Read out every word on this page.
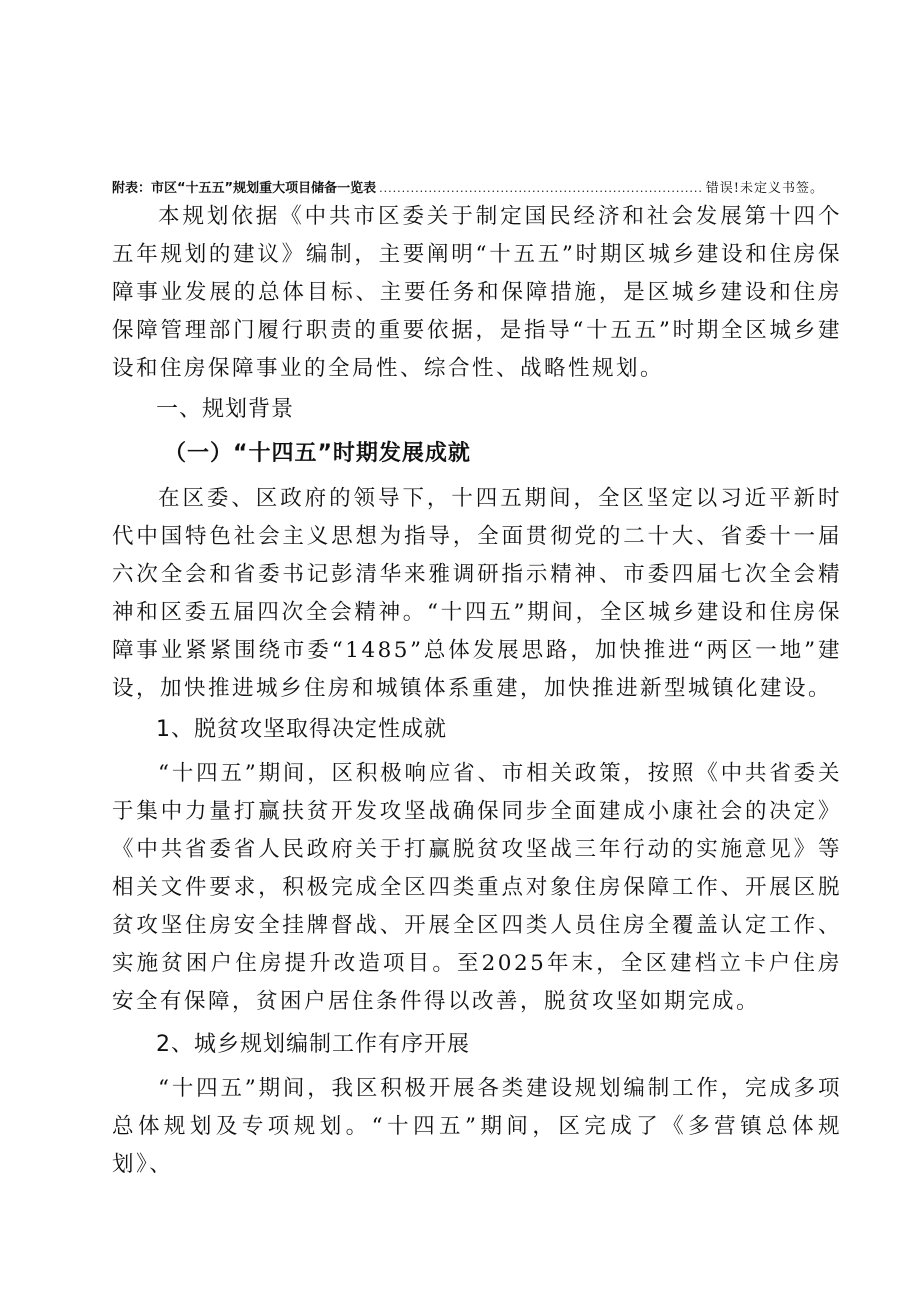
附表：市区“十五五”规划重大项目储备一览表
.....	错误!未定义书签。

本规划依据《中共市区委关于制定国民经济和社会发展第十四个五年规划的建议》编制，主要阐明“十五五”时期区城乡建设和住房保障事业发展的总体目标、主要任务和保障措施，是区城乡建设和住房保障管理部门履行职责的重要依据，是指导“十五五”时期全区城乡建设和住房保障事业的全局性、综合性、战略性规划。

一、规划背景
（一）“十四五”时期发展成就

在区委、区政府的领导下，十四五期间，全区坚定以习近平新时代中国特色社会主义思想为指导，全面贯彻党的二十大、省委十一届六次全会和省委书记彭清华来雅调研指示精神、市委四届七次全会精神和区委五届四次全会精神。“十四五”期间，全区城乡建设和住房保障事业紧紧围绕市委“1485”总体发展思路，加快推进“两区一地”建设，加快推进城乡住房和城镇体系重建，加快推进新型城镇化建设。

1、脱贫攻坚取得决定性成就

“十四五”期间，区积极响应省、市相关政策，按照《中共省委关于集中力量打赢扶贫开发攻坚战确保同步全面建成小康社会的决定》《中共省委省人民政府关于打赢脱贫攻坚战三年行动的实施意见》等相关文件要求，积极完成全区四类重点对象住房保障工作、开展区脱贫攻坚住房安全挂牌督战、开展全区四类人员住房全覆盖认定工作、实施贫困户住房提升改造项目。至2025年末，全区建档立卡户住房安全有保障，贫困户居住条件得以改善，脱贫攻坚如期完成。

2、城乡规划编制工作有序开展

“十四五”期间，我区积极开展各类建设规划编制工作，完成多项总体规划及专项规划。“十四五”期间，区完成了《多营镇总体规划》、
